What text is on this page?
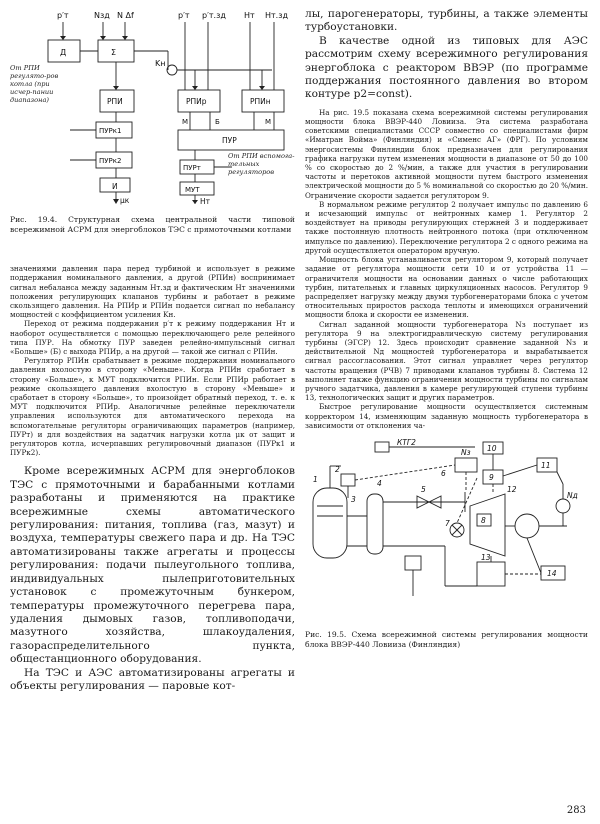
p′т	Nзд N Δf	p′т p′т.зд Hт Hт.зд
Д	Σ
Kн
РПИ	РПИр	РПИн
ПУРк1
М	Б	М
ПУР
ПУРк2
ПУРт
И	МУТ
μк	Hт
От РПИ регулято-ров котла (при исчер-пании диапазона)
От РПИ вспомога-тельных регуляторов

Рис. 19.4. Структурная схема центральной части типовой всережимной АСРМ для энергоблоков ТЭС с прямоточными котлами

значениями давления пара перед турбиной и использует в режиме поддержания номинального давления, а другой (РПИн) воспринимает сигнал небаланса между заданным Hт.зд и фактическим Hт значениями положения регулирующих клапанов турбины и работает в режиме скользящего давления. На РПИр и РПИн подается сигнал по небалансу мощностей с коэффициентом усиления Kн.

Переход от режима поддержания p′т к режиму поддержания Hт и наоборот осуществляется с помощью переключающего реле релейного типа ПУР. На обмотку ПУР заведен релейно-импульсный сигнал «Больше» (Б) с выхода РПИр, а на другой — такой же сигнал с РПИн.

Регулятор РПИн срабатывает в режиме поддержания номинального давления вхолостую в сторону «Меньше». Когда РПИн сработает в сторону «Больше», к МУТ подключится РПИн. Если РПИр работает в режиме скользящего давления вхолостую в сторону «Меньше» и сработает в сторону «Больше», то произойдет обратный переход, т. е. к МУТ подключится РПИр. Аналогичные релейные переключатели управления используются для автоматического перехода на вспомогательные регуляторы ограничивающих параметров (например, ПУРт) и для воздействия на задатчик нагрузки котла μк от защит и регуляторов котла, исчерпавших регулировочный диапазон (ПУРк1 и ПУРк2).

Кроме всережимных АСРМ для энергоблоков ТЭС с прямоточными и барабанными котлами разработаны и применяются на практике всережимные схемы автоматического регулирования: питания, топлива (газ, мазут) и воздуха, температуры свежего пара и др. На ТЭС автоматизированы также агрегаты и процессы регулирования: подачи пылеугольного топлива, индивидуальных пылеприготовительных установок с промежуточным бункером, температуры промежуточного перегрева пара, удаления дымовых газов, топливоподачи, мазутного хозяйства, шлакоудаления, газораспределительного пункта, общестанционного оборудования.

На ТЭС и АЭС автоматизированы агрегаты и объекты регулирования — паровые кот-

лы, парогенераторы, турбины, а также элементы турбоустановки.

В качестве одной из типовых для АЭС рассмотрим схему всережимного регулирования энергоблока с реактором ВВЭР (по программе поддержания постоянного давления во втором контуре p2=const).

На рис. 19.5 показана схема всережимной системы регулирования мощности блока ВВЭР-440 Ловииза. Эта система разработана советскими специалистами СССР совместно со специалистами фирм «Иматран Войма» (Финляндия) и «Сименс АГ» (ФРГ). По условиям энергосистемы Финляндии блок предназначен для регулирования графика нагрузки путем изменения мощности в диапазоне от 50 до 100 % со скоростью до 2 %/мин, а также для участия в регулировании частоты и перетоков активной мощности путем быстрого изменения электрической мощности до 5 % номинальной со скоростью до 20 %/мин. Ограничение скорости задается регулятором 9.

В нормальном режиме регулятор 2 получает импульс по давлению 6 и исчезающий импульс от нейтронных камер 1. Регулятор 2 воздействует на приводы регулирующих стержней 3 и поддерживает также постоянную плотность нейтронного потока (при отключенном импульсе по давлению). Переключение регулятора 2 с одного режима на другой осуществляется оператором вручную.

Мощность блока устанавливается регулятором 9, который получает задание от регулятора мощности сети 10 и от устройства 11 — ограничителя мощности на основании данных о числе работающих турбин, питательных и главных циркуляционных насосов. Регулятор 9 распределяет нагрузку между двумя турбогенераторами блока с учетом относительных приростов расхода теплоты и имеющихся ограничений мощности блока и скорости ее изменения.

Сигнал заданной мощности турбогенератора Nз поступает из регулятора 9 на электрогидравлическую систему регулирования турбины (ЭГСР) 12. Здесь происходит сравнение заданной Nз и действительной Nд мощностей турбогенератора и вырабатывается сигнал рассогласования. Этот сигнал управляет через регулятор частоты вращения (РЧВ) 7 приводами клапанов турбины 8. Система 12 выполняет также функцию ограничения мощности турбины по сигналам ручного задатчика, давления в камере регулирующей ступени турбины 13, технологических защит и других параметров.

Быстрое регулирование мощности осуществляется системным корректором 14, изменяющим заданную мощность турбогенератора в зависимости от отклонения ча-

КТГ2
Nз
Nд
1
2
3
4
5
6
7	8
9
10
11
12
13
14

Рис. 19.5. Схема всережимной системы регулирования мощности блока ВВЭР-440 Ловииза (Финляндия)

283
